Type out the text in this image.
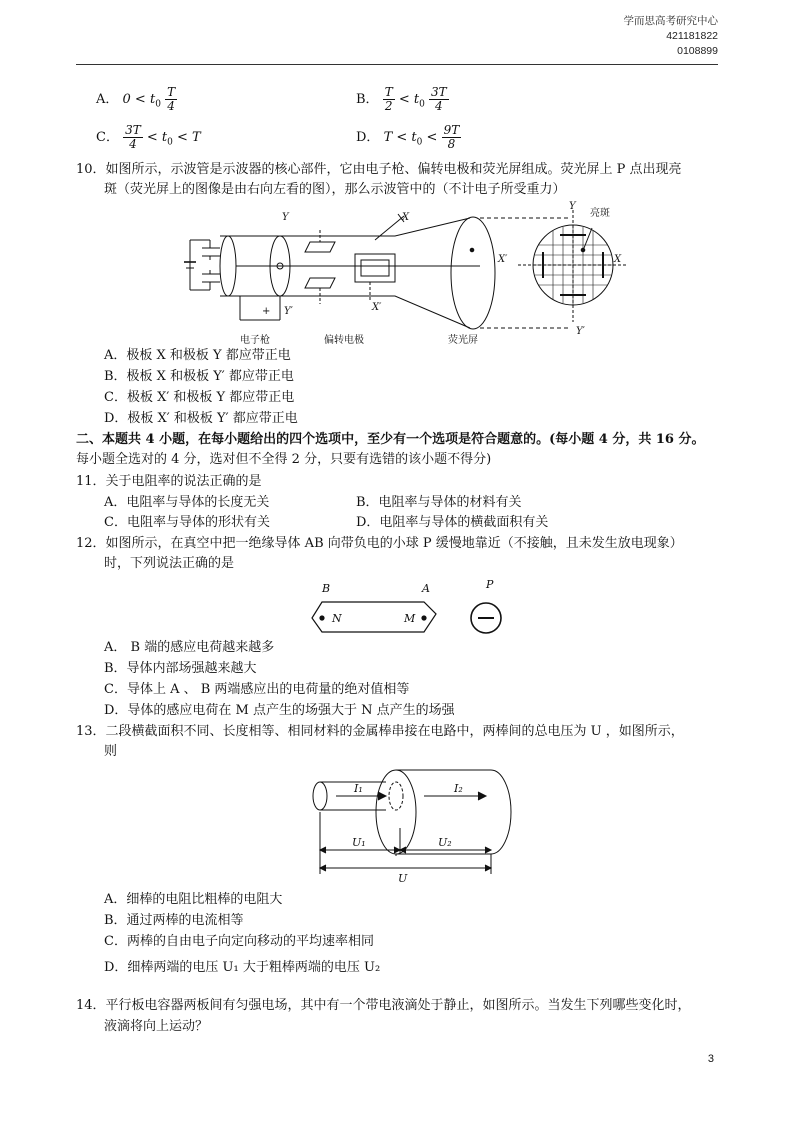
学而思高考研究中心
421181822
0108899
A． $0 < t_0 \frac{T}{4}$	B． $\frac{T}{2} < t_0 \frac{3T}{4}$
C． $\frac{3T}{4} < t_0 < T$	D． $T < t_0 < \frac{9T}{8}$
10．如图所示，示波管是示波器的核心部件，它由电子枪、偏转电极和荧光屏组成。荧光屏上 P 点出现亮
斑（荧光屏上的图像是由右向左看的图），那么示波管中的（不计电子所受重力）
Y
Y′
X
X′
Y
Y′
X′	X
亮斑
+
电子枪	偏转电极	荧光屏
A．极板 X 和极板 Y 都应带正电
B．极板 X 和极板 Y′ 都应带正电
C．极板 X′ 和极板 Y 都应带正电
D．极板 X′ 和极板 Y′ 都应带正电
二、本题共 4 小题，在每小题给出的四个选项中，至少有一个选项是符合题意的。(每小题 4 分，共 16 分。
每小题全选对的 4 分，选对但不全得 2 分，只要有选错的该小题不得分)
11．关于电阻率的说法正确的是
A．电阻率与导体的长度无关	B．电阻率与导体的材料有关
C．电阻率与导体的形状有关	D．电阻率与导体的横截面积有关
12．如图所示，在真空中把一绝缘导体 AB 向带负电的小球 P 缓慢地靠近（不接触，且未发生放电现象）
时，下列说法正确的是
B	A
N	M
P
A． B 端的感应电荷越来越多
B．导体内部场强越来越大
C．导体上 A 、 B 两端感应出的电荷量的绝对值相等
D．导体的感应电荷在 M 点产生的场强大于 N 点产生的场强
13．二段横截面积不同、长度相等、相同材料的金属棒串接在电路中，两棒间的总电压为 U ，如图所示，
则
I₁	I₂
U₁	U₂
U
A．细棒的电阻比粗棒的电阻大
B．通过两棒的电流相等
C．两棒的自由电子向定向移动的平均速率相同
D．细棒两端的电压 U₁ 大于粗棒两端的电压 U₂
14．平行板电容器两板间有匀强电场，其中有一个带电液滴处于静止，如图所示。当发生下列哪些变化时，
液滴将向上运动？
3
